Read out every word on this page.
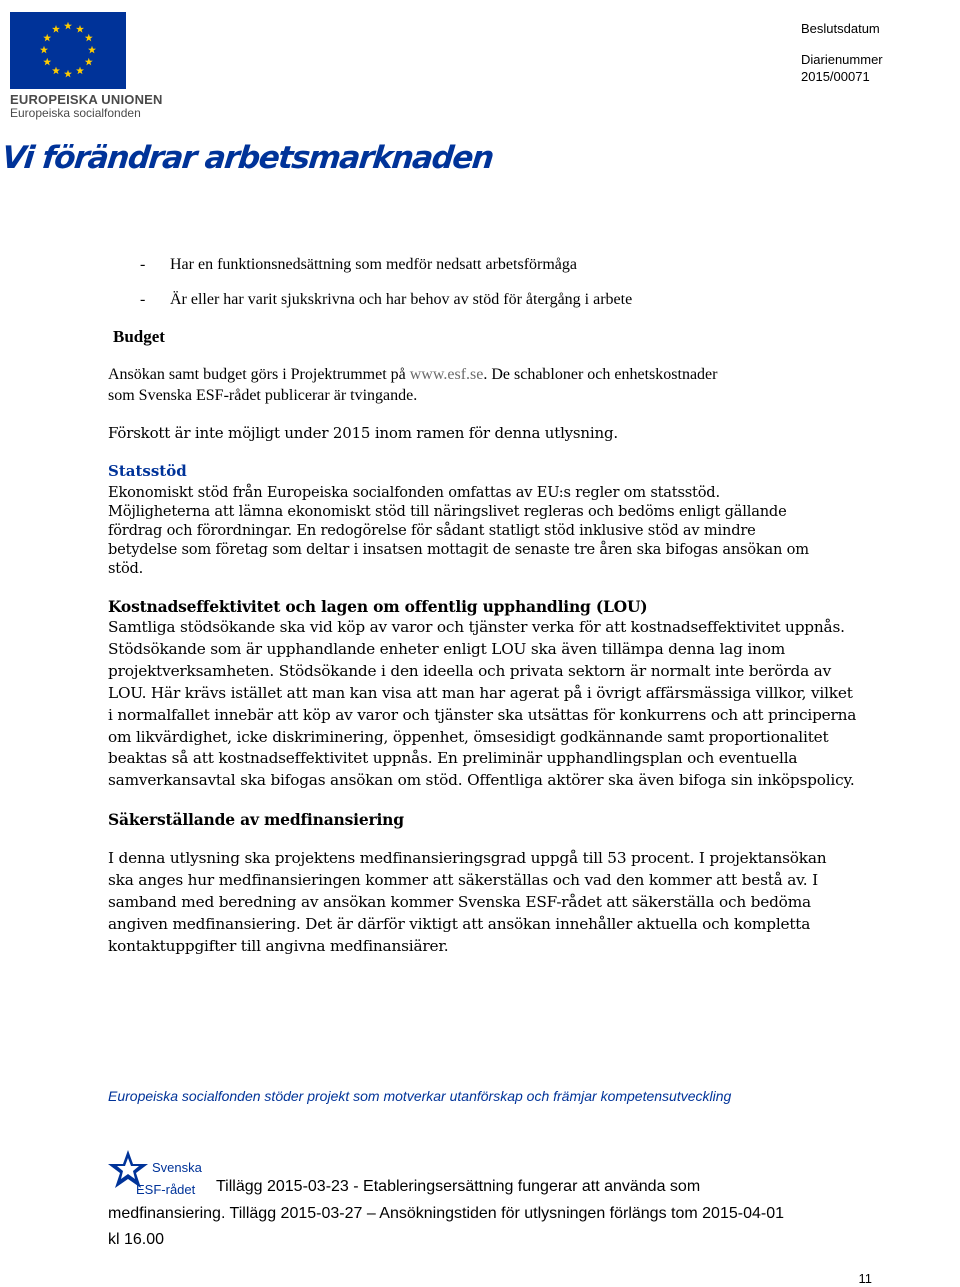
EUROPEISKA UNIONEN
Europeiska socialfonden
Vi förändrar arbetsmarknaden
Beslutsdatum
Diarienummer
2015/00071
- Har en funktionsnedsättning som medför nedsatt arbetsförmåga
- Är eller har varit sjukskrivna och har behov av stöd för återgång i arbete
Budget
Ansökan samt budget görs i Projektrummet på www.esf.se. De schabloner och enhetskostnader
som Svenska ESF-rådet publicerar är tvingande.
Förskott är inte möjligt under 2015 inom ramen för denna utlysning.
Statsstöd
Ekonomiskt stöd från Europeiska socialfonden omfattas av EU:s regler om statsstöd.
Möjligheterna att lämna ekonomiskt stöd till näringslivet regleras och bedöms enligt gällande
fördrag och förordningar. En redogörelse för sådant statligt stöd inklusive stöd av mindre
betydelse som företag som deltar i insatsen mottagit de senaste tre åren ska bifogas ansökan om
stöd.
Kostnadseffektivitet och lagen om offentlig upphandling (LOU)
Samtliga stödsökande ska vid köp av varor och tjänster verka för att kostnadseffektivitet uppnås.
Stödsökande som är upphandlande enheter enligt LOU ska även tillämpa denna lag inom
projektverksamheten. Stödsökande i den ideella och privata sektorn är normalt inte berörda av
LOU. Här krävs istället att man kan visa att man har agerat på i övrigt affärsmässiga villkor, vilket
i normalfallet innebär att köp av varor och tjänster ska utsättas för konkurrens och att principerna
om likvärdighet, icke diskriminering, öppenhet, ömsesidigt godkännande samt proportionalitet
beaktas så att kostnadseffektivitet uppnås. En preliminär upphandlingsplan och eventuella
samverkansavtal ska bifogas ansökan om stöd. Offentliga aktörer ska även bifoga sin inköpspolicy.
Säkerställande av medfinansiering
I denna utlysning ska projektens medfinansieringsgrad uppgå till 53 procent. I projektansökan
ska anges hur medfinansieringen kommer att säkerställas och vad den kommer att bestå av. I
samband med beredning av ansökan kommer Svenska ESF-rådet att säkerställa och bedöma
angiven medfinansiering. Det är därför viktigt att ansökan innehåller aktuella och kompletta
kontaktuppgifter till angivna medfinansiärer.
Europeiska socialfonden stöder projekt som motverkar utanförskap och främjar kompetensutveckling
Svenska
ESF-rådet Tillägg 2015-03-23 - Etableringsersättning fungerar att använda som
medfinansiering. Tillägg 2015-03-27 – Ansökningstiden för utlysningen förlängs tom 2015-04-01
kl 16.00
11
